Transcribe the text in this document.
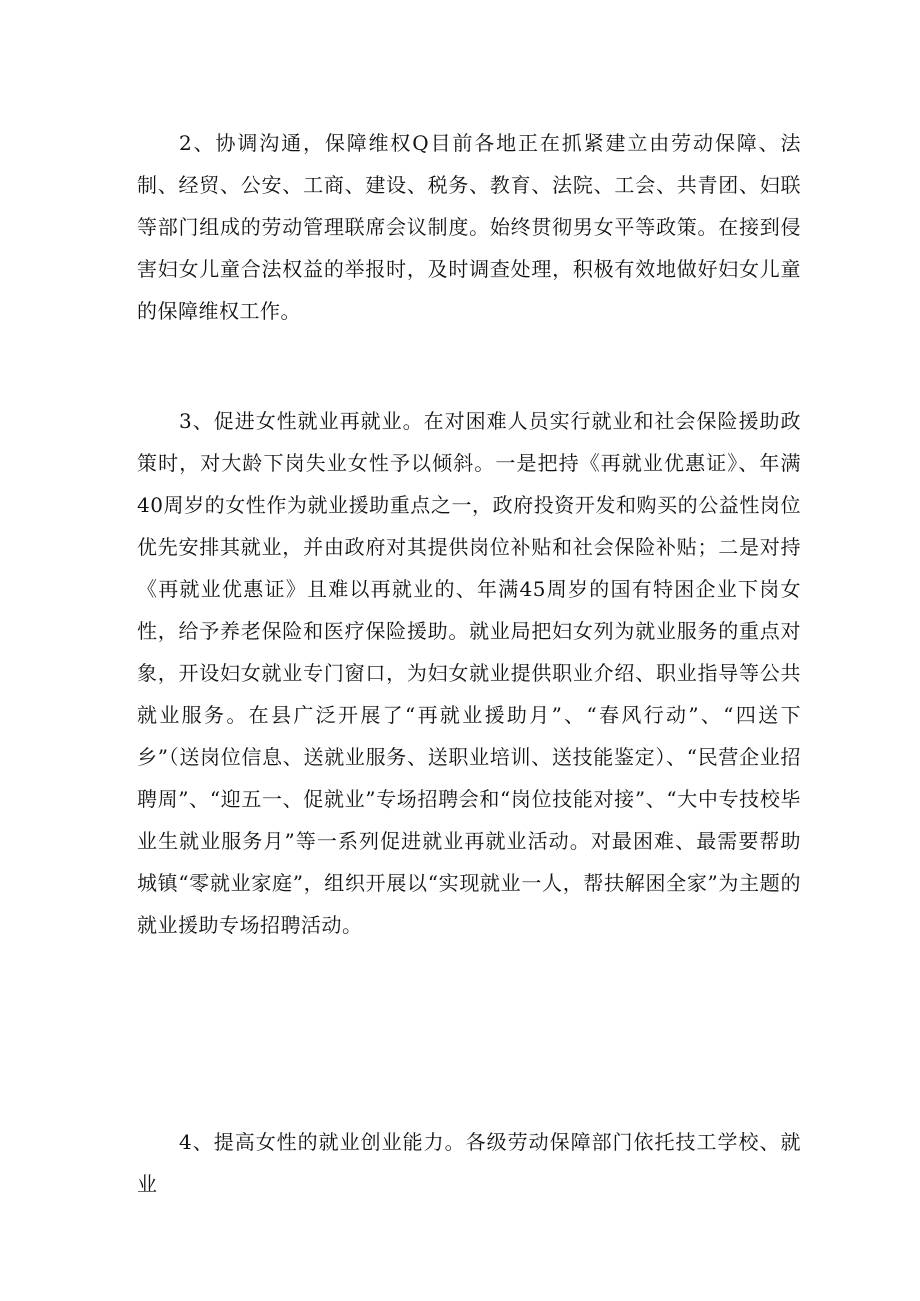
2、协调沟通，保障维权Q目前各地正在抓紧建立由劳动保障、法制、经贸、公安、工商、建设、税务、教育、法院、工会、共青团、妇联等部门组成的劳动管理联席会议制度。始终贯彻男女平等政策。在接到侵害妇女儿童合法权益的举报时，及时调查处理，积极有效地做好妇女儿童的保障维权工作。

3、促进女性就业再就业。在对困难人员实行就业和社会保险援助政策时，对大龄下岗失业女性予以倾斜。一是把持《再就业优惠证》、年满40周岁的女性作为就业援助重点之一，政府投资开发和购买的公益性岗位优先安排其就业，并由政府对其提供岗位补贴和社会保险补贴；二是对持《再就业优惠证》且难以再就业的、年满45周岁的国有特困企业下岗女性，给予养老保险和医疗保险援助。就业局把妇女列为就业服务的重点对象，开设妇女就业专门窗口，为妇女就业提供职业介绍、职业指导等公共就业服务。在县广泛开展了“再就业援助月”、“春风行动”、“四送下乡”（送岗位信息、送就业服务、送职业培训、送技能鉴定）、“民营企业招聘周”、“迎五一、促就业”专场招聘会和“岗位技能对接”、“大中专技校毕业生就业服务月”等一系列促进就业再就业活动。对最困难、最需要帮助城镇“零就业家庭”，组织开展以“实现就业一人，帮扶解困全家”为主题的就业援助专场招聘活动。

4、提高女性的就业创业能力。各级劳动保障部门依托技工学校、就业
